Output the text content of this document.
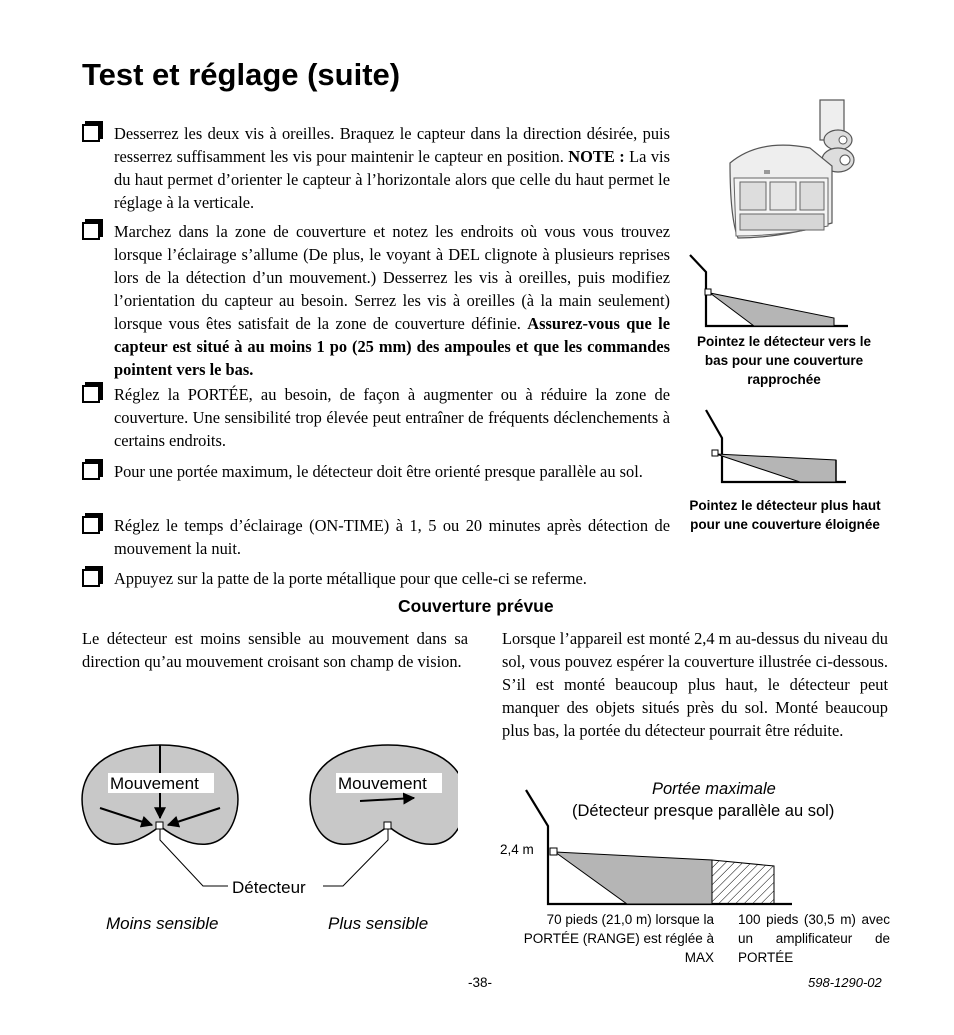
Test et réglage (suite)
Desserrez les deux vis à oreilles. Braquez le capteur dans la direction désirée, puis resserrez suffisamment les vis pour maintenir le capteur en position. NOTE : La vis du haut permet d’orienter le capteur à l’horizontale alors que celle du haut permet le réglage à la verticale.
Marchez dans la zone de couverture et notez les endroits où vous vous trouvez lorsque l’éclairage s’allume (De plus, le voyant à DEL clignote à plusieurs reprises lors de la détection d’un mouvement.) Desserrez les vis à oreilles, puis modifiez l’orientation du capteur au besoin. Serrez les vis à oreilles (à la main seulement) lorsque vous êtes satisfait de la zone de couverture définie. Assurez-vous que le capteur est situé à au moins 1 po (25 mm) des ampoules et que les commandes pointent vers le bas.
Réglez la PORTÉE, au besoin, de façon à augmenter ou à réduire la zone de couverture. Une sensibilité trop élevée peut entraîner de fréquents déclenchements à certains endroits.
Pour une portée maximum, le détecteur doit être orienté presque parallèle au sol.
Réglez le temps d’éclairage (ON-TIME) à 1, 5 ou 20 minutes après détection de mouvement la nuit.
Appuyez sur la patte de la porte métallique pour que celle-ci se referme.
Pointez le détecteur vers le bas pour une couverture rapprochée
Pointez le détecteur plus haut pour une couverture éloignée
Couverture prévue
Le détecteur est moins sensible au mouvement dans sa direction qu’au mouvement croisant son champ de vision.
Lorsque l’appareil est monté 2,4 m au-dessus du niveau du sol, vous pouvez espérer la couverture illustrée ci-dessous. S’il est monté beaucoup plus haut, le détecteur peut manquer des objets situés près du sol. Monté beaucoup plus bas, la portée du détecteur pourrait être réduite.
Mouvement	Mouvement
Détecteur
Moins sensible	Plus sensible
Portée maximale
(Détecteur presque parallèle au sol)
2,4 m
70 pieds (21,0 m) lorsque la PORTÉE (RANGE) est réglée à MAX
100 pieds (30,5 m) avec un amplificateur de PORTÉE
-38-	598-1290-02
